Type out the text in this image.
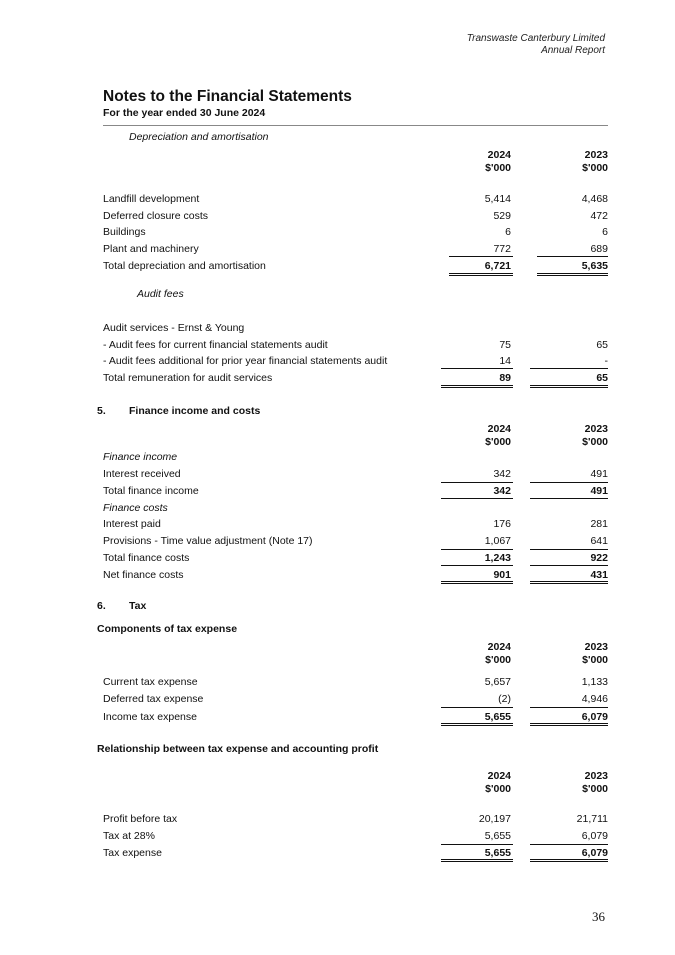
Transwaste Canterbury Limited
Annual Report
Notes to the Financial Statements
For the year ended 30 June 2024
Depreciation and amortisation
2024
$'000
2023
$'000
Landfill development	5,414	4,468
Deferred closure costs	529	472
Buildings	6	6
Plant and machinery	772	689
Total depreciation and amortisation	6,721	5,635
Audit fees
Audit services - Ernst & Young
- Audit fees for current financial statements audit	75	65
- Audit fees additional for prior year financial statements audit	14	-
Total remuneration for audit services	89	65
5. Finance income and costs
2024
$'000
2023
$'000
Finance income
Interest received	342	491
Total finance income	342	491
Finance costs
Interest paid	176	281
Provisions - Time value adjustment (Note 17)	1,067	641
Total finance costs	1,243	922
Net finance costs	901	431
6. Tax
Components of tax expense
2024
$'000
2023
$'000
Current tax expense	5,657	1,133
Deferred tax expense	(2)	4,946
Income tax expense	5,655	6,079
Relationship between tax expense and accounting profit
2024
$'000
2023
$'000
Profit before tax	20,197	21,711
Tax at 28%	5,655	6,079
Tax expense	5,655	6,079
36
